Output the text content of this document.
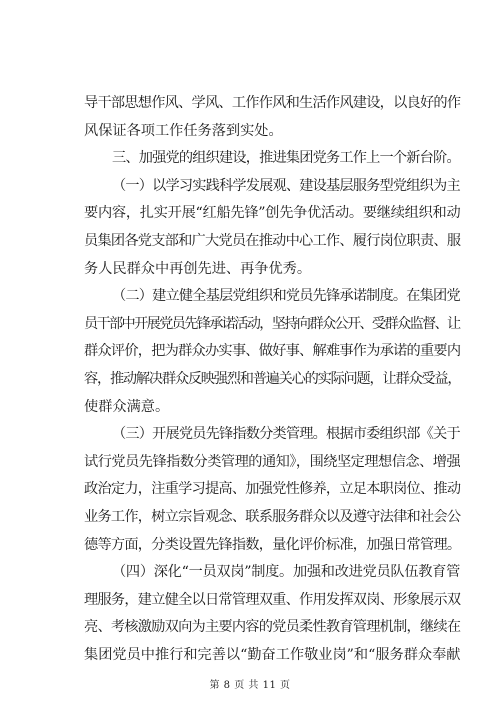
导干部思想作风、学风、工作作风和生活作风建设，以良好的作
风保证各项工作任务落到实处。
三、加强党的组织建设，推进集团党务工作上一个新台阶。
（一）以学习实践科学发展观、建设基层服务型党组织为主
要内容，扎实开展“红船先锋”创先争优活动。要继续组织和动
员集团各党支部和广大党员在推动中心工作、履行岗位职责、服
务人民群众中再创先进、再争优秀。
（二）建立健全基层党组织和党员先锋承诺制度。在集团党
员干部中开展党员先锋承诺活动，坚持向群众公开、受群众监督、让
群众评价，把为群众办实事、做好事、解难事作为承诺的重要内
容，推动解决群众反映强烈和普遍关心的实际问题，让群众受益，
使群众满意。
（三）开展党员先锋指数分类管理。根据市委组织部《关于
试行党员先锋指数分类管理的通知》，围绕坚定理想信念、增强
政治定力，注重学习提高、加强党性修养，立足本职岗位、推动
业务工作，树立宗旨观念、联系服务群众以及遵守法律和社会公
德等方面，分类设置先锋指数，量化评价标准，加强日常管理。
（四）深化“一员双岗”制度。加强和改进党员队伍教育管
理服务，建立健全以日常管理双重、作用发挥双岗、形象展示双
亮、考核激励双向为主要内容的党员柔性教育管理机制，继续在
集团党员中推行和完善以“勤奋工作敬业岗”和“服务群众奉献
第 8 页 共 11 页
